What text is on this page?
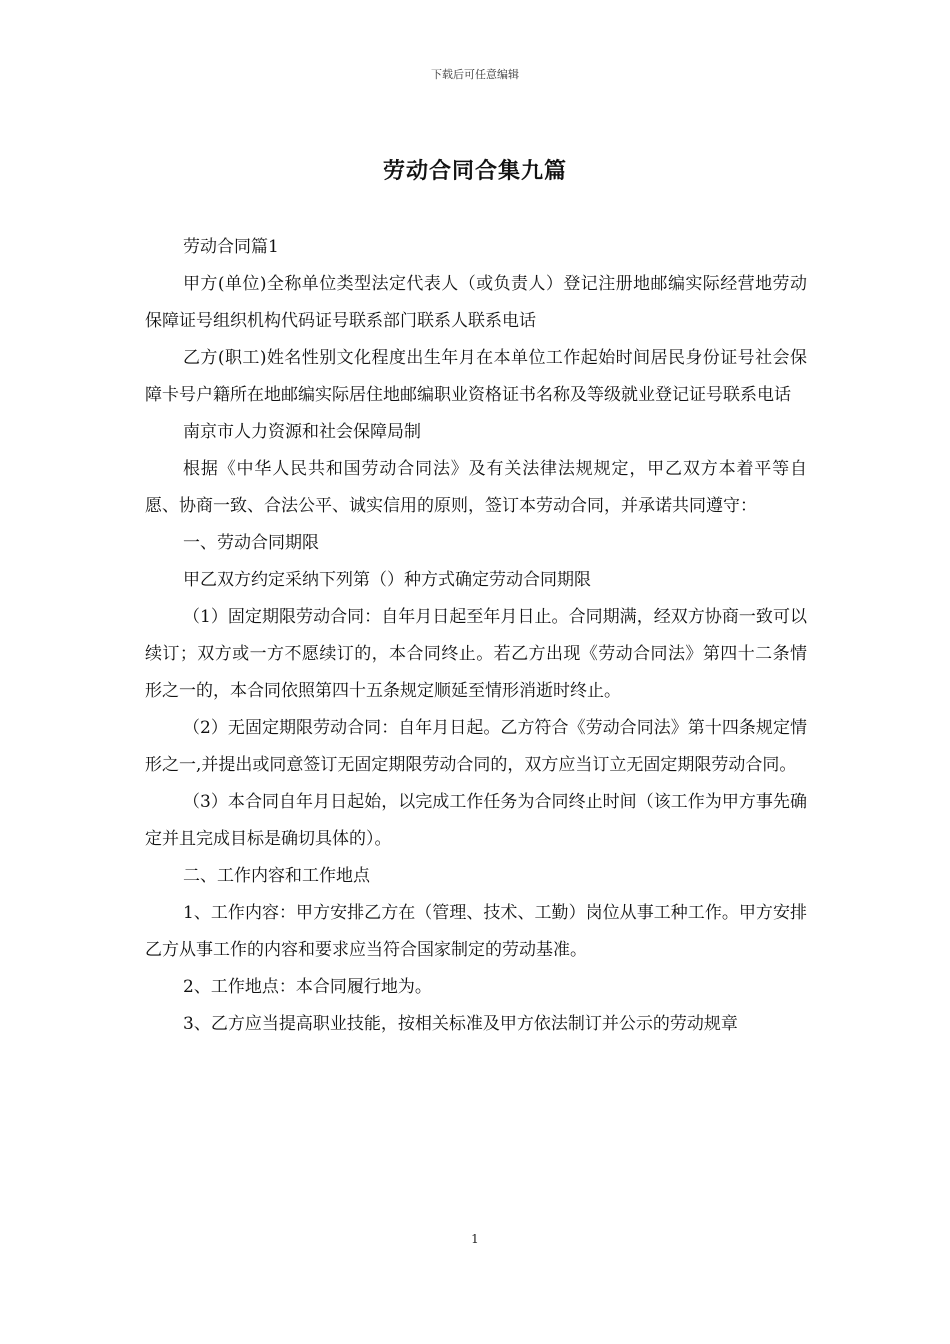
下载后可任意编辑
劳动合同合集九篇

劳动合同篇1

甲方(单位)全称单位类型法定代表人（或负责人）登记注册地邮编实际经营地劳动保障证号组织机构代码证号联系部门联系人联系电话

乙方(职工)姓名性别文化程度出生年月在本单位工作起始时间居民身份证号社会保障卡号户籍所在地邮编实际居住地邮编职业资格证书名称及等级就业登记证号联系电话

南京市人力资源和社会保障局制

根据《中华人民共和国劳动合同法》及有关法律法规规定，甲乙双方本着平等自愿、协商一致、合法公平、诚实信用的原则，签订本劳动合同，并承诺共同遵守：

一、劳动合同期限

甲乙双方约定采纳下列第（）种方式确定劳动合同期限

（1）固定期限劳动合同：自年月日起至年月日止。合同期满，经双方协商一致可以续订；双方或一方不愿续订的，本合同终止。若乙方出现《劳动合同法》第四十二条情形之一的，本合同依照第四十五条规定顺延至情形消逝时终止。

（2）无固定期限劳动合同：自年月日起。乙方符合《劳动合同法》第十四条规定情形之一,并提出或同意签订无固定期限劳动合同的，双方应当订立无固定期限劳动合同。

（3）本合同自年月日起始，以完成工作任务为合同终止时间（该工作为甲方事先确定并且完成目标是确切具体的）。

二、工作内容和工作地点

1、工作内容：甲方安排乙方在（管理、技术、工勤）岗位从事工种工作。甲方安排乙方从事工作的内容和要求应当符合国家制定的劳动基准。

2、工作地点：本合同履行地为。

3、乙方应当提高职业技能，按相关标准及甲方依法制订并公示的劳动规章

1
